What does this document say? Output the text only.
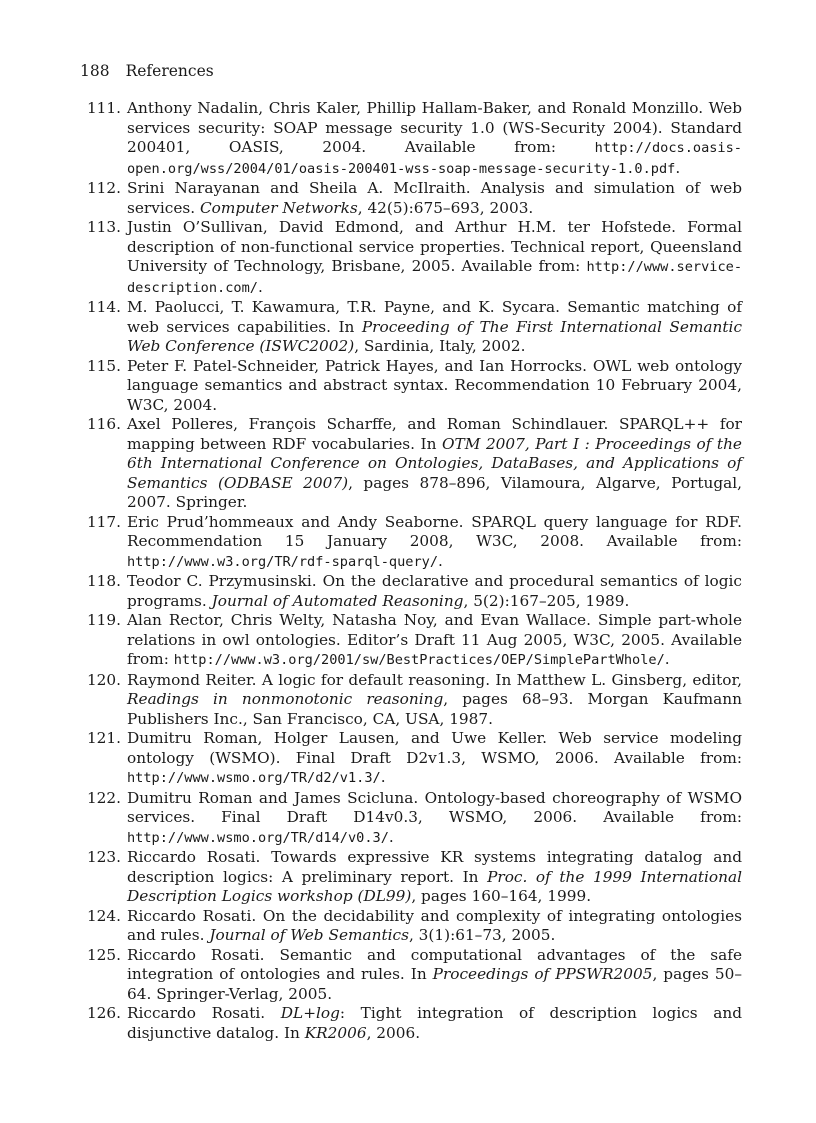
188 References
111. Anthony Nadalin, Chris Kaler, Phillip Hallam-Baker, and Ronald Monzillo. Web services security: SOAP message security 1.0 (WS-Security 2004). Standard 200401, OASIS, 2004. Available from: http://docs.oasis-open.org/wss/2004/01/oasis-200401-wss-soap-message-security-1.0.pdf.
112. Srini Narayanan and Sheila A. McIlraith. Analysis and simulation of web services. Computer Networks, 42(5):675–693, 2003.
113. Justin O’Sullivan, David Edmond, and Arthur H.M. ter Hofstede. Formal description of non-functional service properties. Technical report, Queensland University of Technology, Brisbane, 2005. Available from: http://www.service-description.com/.
114. M. Paolucci, T. Kawamura, T.R. Payne, and K. Sycara. Semantic matching of web services capabilities. In Proceeding of The First International Semantic Web Conference (ISWC2002), Sardinia, Italy, 2002.
115. Peter F. Patel-Schneider, Patrick Hayes, and Ian Horrocks. OWL web ontology language semantics and abstract syntax. Recommendation 10 February 2004, W3C, 2004.
116. Axel Polleres, François Scharffe, and Roman Schindlauer. SPARQL++ for mapping between RDF vocabularies. In OTM 2007, Part I : Proceedings of the 6th International Conference on Ontologies, DataBases, and Applications of Semantics (ODBASE 2007), pages 878–896, Vilamoura, Algarve, Portugal, 2007. Springer.
117. Eric Prud’hommeaux and Andy Seaborne. SPARQL query language for RDF. Recommendation 15 January 2008, W3C, 2008. Available from: http://www.w3.org/TR/rdf-sparql-query/.
118. Teodor C. Przymusinski. On the declarative and procedural semantics of logic programs. Journal of Automated Reasoning, 5(2):167–205, 1989.
119. Alan Rector, Chris Welty, Natasha Noy, and Evan Wallace. Simple part-whole relations in owl ontologies. Editor’s Draft 11 Aug 2005, W3C, 2005. Available from: http://www.w3.org/2001/sw/BestPractices/OEP/SimplePartWhole/.
120. Raymond Reiter. A logic for default reasoning. In Matthew L. Ginsberg, editor, Readings in nonmonotonic reasoning, pages 68–93. Morgan Kaufmann Publishers Inc., San Francisco, CA, USA, 1987.
121. Dumitru Roman, Holger Lausen, and Uwe Keller. Web service modeling ontology (WSMO). Final Draft D2v1.3, WSMO, 2006. Available from: http://www.wsmo.org/TR/d2/v1.3/.
122. Dumitru Roman and James Scicluna. Ontology-based choreography of WSMO services. Final Draft D14v0.3, WSMO, 2006. Available from: http://www.wsmo.org/TR/d14/v0.3/.
123. Riccardo Rosati. Towards expressive KR systems integrating datalog and description logics: A preliminary report. In Proc. of the 1999 International Description Logics workshop (DL99), pages 160–164, 1999.
124. Riccardo Rosati. On the decidability and complexity of integrating ontologies and rules. Journal of Web Semantics, 3(1):61–73, 2005.
125. Riccardo Rosati. Semantic and computational advantages of the safe integration of ontologies and rules. In Proceedings of PPSWR2005, pages 50–64. Springer-Verlag, 2005.
126. Riccardo Rosati. DL+log: Tight integration of description logics and disjunctive datalog. In KR2006, 2006.
